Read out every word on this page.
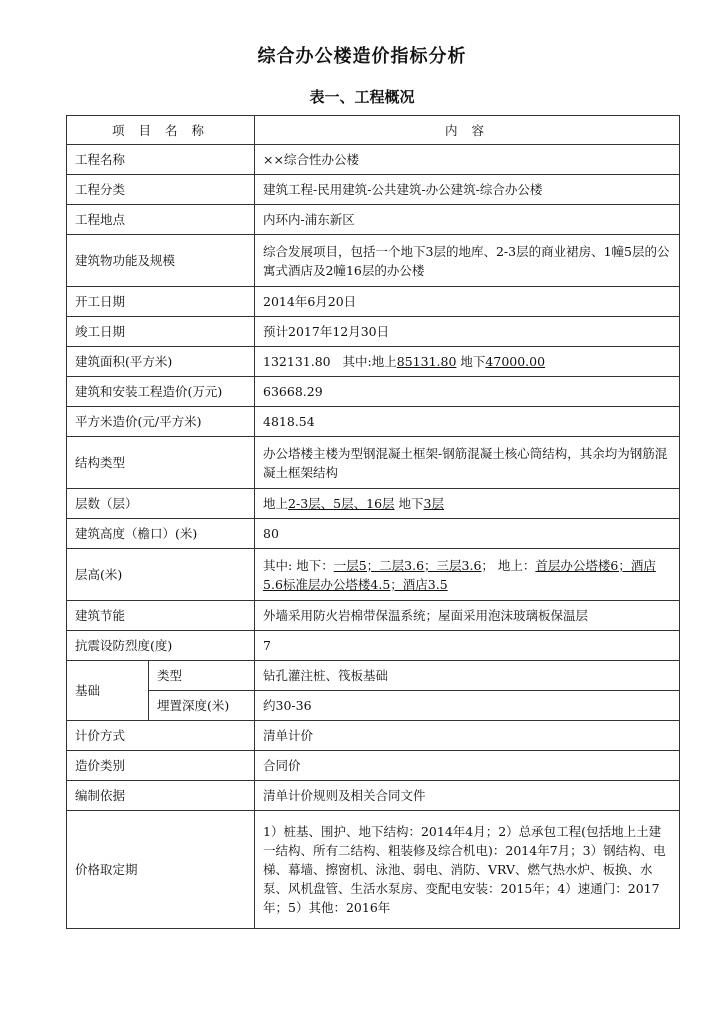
综合办公楼造价指标分析
表一、工程概况
项 目 名 称		内 容
工程名称		××综合性办公楼
工程分类		建筑工程-民用建筑-公共建筑-办公建筑-综合办公楼
工程地点		内环内-浦东新区
建筑物功能及规模		综合发展项目，包括一个地下3层的地库、2-3层的商业裙房、1幢5层的公寓式酒店及2幢16层的办公楼
开工日期		2014年6月20日
竣工日期		预计2017年12月30日
建筑面积(平方米)		132131.80 其中:地上85131.80 地下47000.00
建筑和安装工程造价(万元)		63668.29
平方米造价(元/平方米)		4818.54
结构类型		办公塔楼主楼为型钢混凝土框架-钢筋混凝土核心筒结构，其余均为钢筋混凝土框架结构
层数（层）		地上2-3层、5层、16层 地下3层
建筑高度（檐口）(米)		80
层高(米)		其中: 地下：一层5；二层3.6；三层3.6； 地上：首层办公塔楼6；酒店5.6标准层办公塔楼4.5；酒店3.5
建筑节能		外墙采用防火岩棉带保温系统；屋面采用泡沫玻璃板保温层
抗震设防烈度(度)		7
基础	类型	钻孔灌注桩、筏板基础
	埋置深度(米)	约30-36
计价方式		清单计价
造价类别		合同价
编制依据		清单计价规则及相关合同文件
价格取定期		1）桩基、围护、地下结构：2014年4月；2）总承包工程(包括地上土建一结构、所有二结构、粗装修及综合机电)：2014年7月；3）钢结构、电梯、幕墙、擦窗机、泳池、弱电、消防、VRV、燃气热水炉、板换、水泵、风机盘管、生活水泵房、变配电安装：2015年；4）速通门：2017年；5）其他：2016年
